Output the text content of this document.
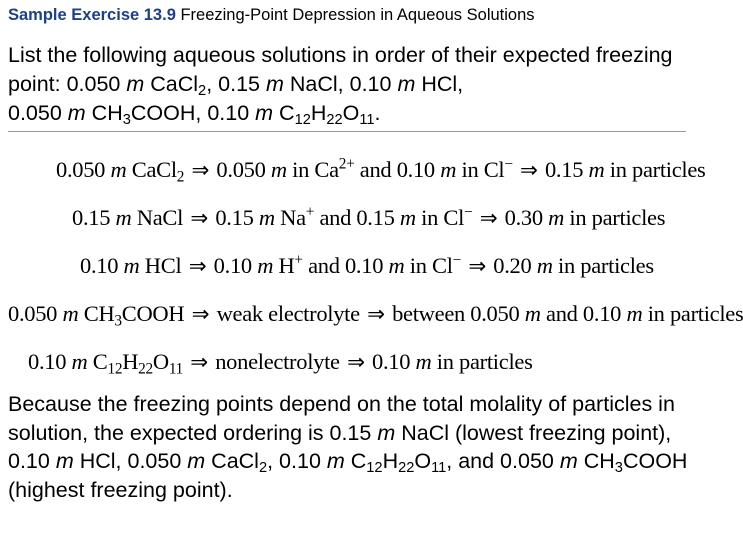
Sample Exercise 13.9 Freezing-Point Depression in Aqueous Solutions
List the following aqueous solutions in order of their expected freezing point: 0.050 m CaCl$_2$, 0.15 m NaCl, 0.10 m HCl,
0.050 m $CH_3COOH$, 0.10 m $C_{12}H_{22}O_{11}$.
0.050 m CaCl$_2$ ⇒ 0.050 m in $Ca^{2+}$ and 0.10 m in Cl− ⇒ 0.15 m in particles
0.15 m NaCl ⇒ 0.15 m Na+ and 0.15 m in Cl− ⇒ 0.30 m in particles
0.10 m HCl ⇒ 0.10 m H+ and 0.10 m in Cl− ⇒ 0.20 m in particles
0.050 m $CH_3COOH$ ⇒ weak electrolyte ⇒ between 0.050 m and 0.10 m in particles
0.10 m $C_{12}H_{22}O_{11}$ ⇒ nonelectrolyte ⇒ 0.10 m in particles
Because the freezing points depend on the total molality of particles in solution, the expected ordering is 0.15 m NaCl (lowest freezing point), 0.10 m HCl, 0.050 m CaCl$_2$, 0.10 m $C_{12}H_{22}O_{11}$, and 0.050 m $CH_3COOH$ (highest freezing point).
